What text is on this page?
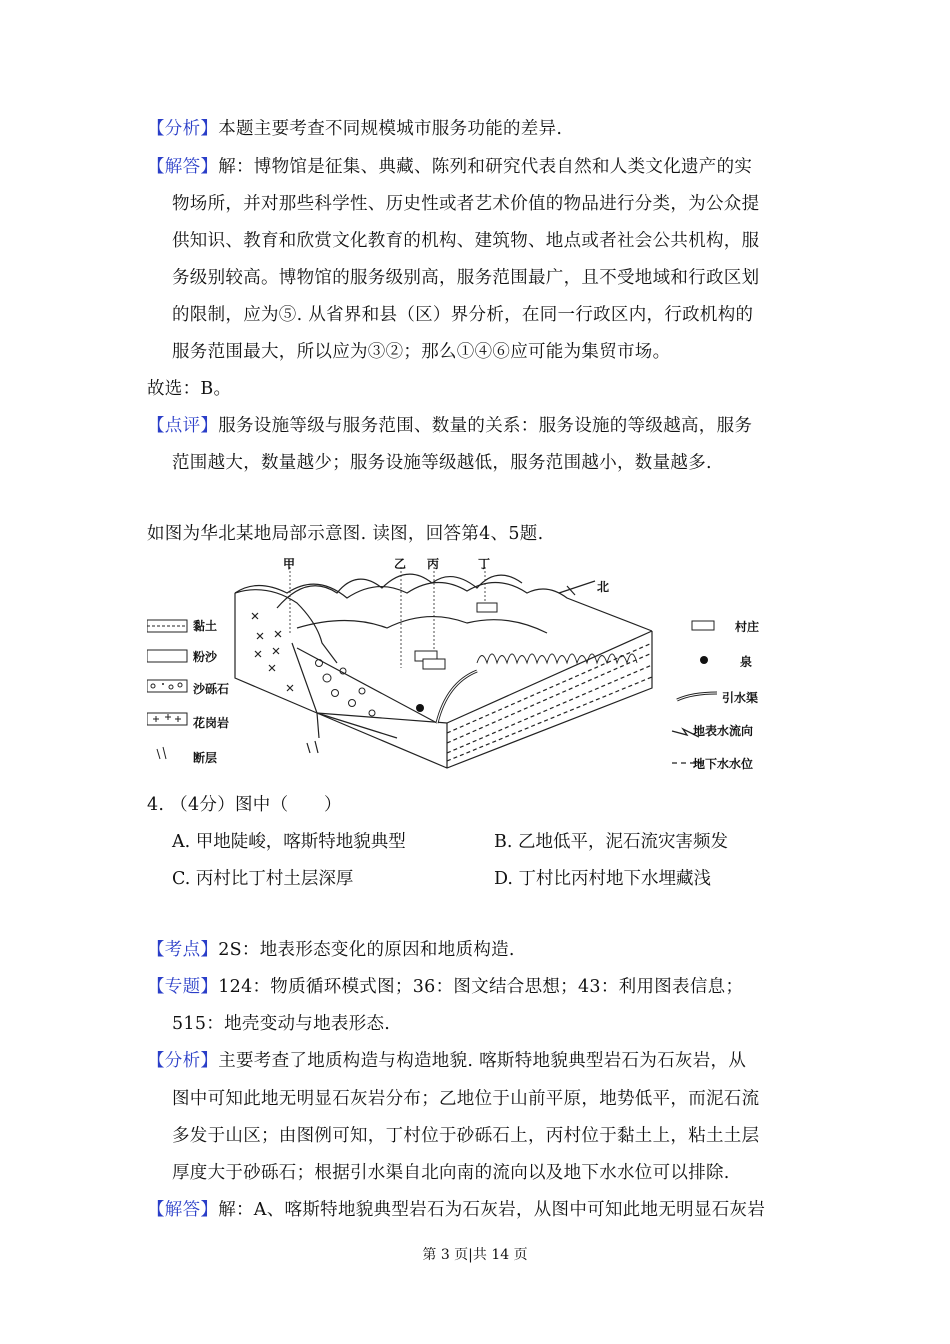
【分析】本题主要考查不同规模城市服务功能的差异.
【解答】解：博物馆是征集、典藏、陈列和研究代表自然和人类文化遗产的实
物场所，并对那些科学性、历史性或者艺术价值的物品进行分类，为公众提
供知识、教育和欣赏文化教育的机构、建筑物、地点或者社会公共机构，服
务级别较高。博物馆的服务级别高，服务范围最广，且不受地域和行政区划
的限制，应为⑤. 从省界和县（区）界分析，在同一行政区内，行政机构的
服务范围最大，所以应为③②；那么①④⑥应可能为集贸市场。
故选：B。
【点评】服务设施等级与服务范围、数量的关系：服务设施的等级越高，服务
范围越大，数量越少；服务设施等级越低，服务范围越小，数量越多.
如图为华北某地局部示意图. 读图，回答第4、5题.
甲	乙 丙	丁
北
黏土
粉沙
沙砾石
花岗岩
断层
村庄
泉
引水渠
地表水流向
地下水水位
4. （4分）图中（　　）
A. 甲地陡峻，喀斯特地貌典型	B. 乙地低平，泥石流灾害频发
C. 丙村比丁村土层深厚	D. 丁村比丙村地下水埋藏浅
【考点】2S：地表形态变化的原因和地质构造.
【专题】124：物质循环模式图；36：图文结合思想；43：利用图表信息；
515：地壳变动与地表形态.
【分析】主要考查了地质构造与构造地貌. 喀斯特地貌典型岩石为石灰岩，从
图中可知此地无明显石灰岩分布；乙地位于山前平原，地势低平，而泥石流
多发于山区；由图例可知，丁村位于砂砾石上，丙村位于黏土上，粘土土层
厚度大于砂砾石；根据引水渠自北向南的流向以及地下水水位可以排除.
【解答】解：A、喀斯特地貌典型岩石为石灰岩，从图中可知此地无明显石灰岩
第 3 页|共 14 页
